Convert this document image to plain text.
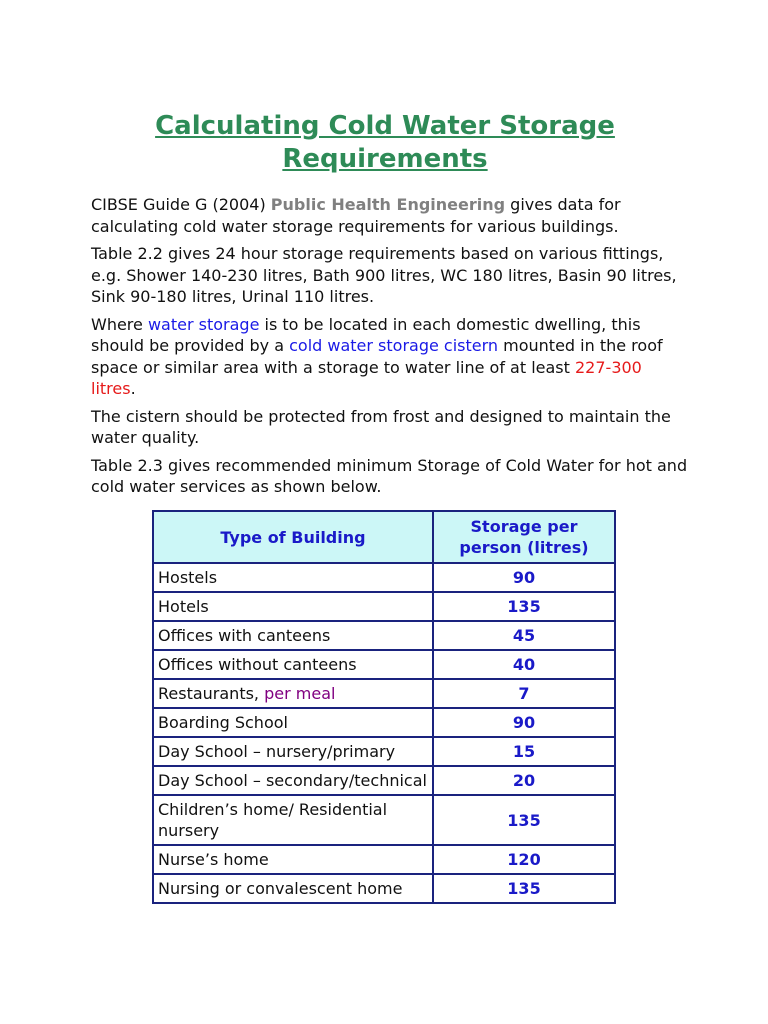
Calculating Cold Water Storage Requirements

CIBSE Guide G (2004) Public Health Engineering gives data for calculating cold water storage requirements for various buildings.

Table 2.2 gives 24 hour storage requirements based on various fittings, e.g. Shower 140-230 litres, Bath 900 litres, WC 180 litres, Basin 90 litres, Sink 90-180 litres, Urinal 110 litres.

Where water storage is to be located in each domestic dwelling, this should be provided by a cold water storage cistern mounted in the roof space or similar area with a storage to water line of at least 227-300 litres.

The cistern should be protected from frost and designed to maintain the water quality.

Table 2.3 gives recommended minimum Storage of Cold Water for hot and cold water services as shown below.

Type of Building	Storage per person (litres)
Hostels	90
Hotels	135
Offices with canteens	45
Offices without canteens	40
Restaurants, per meal	7
Boarding School	90
Day School – nursery/primary	15
Day School – secondary/technical	20
Children’s home/ Residential nursery	135
Nurse’s home	120
Nursing or convalescent home	135
